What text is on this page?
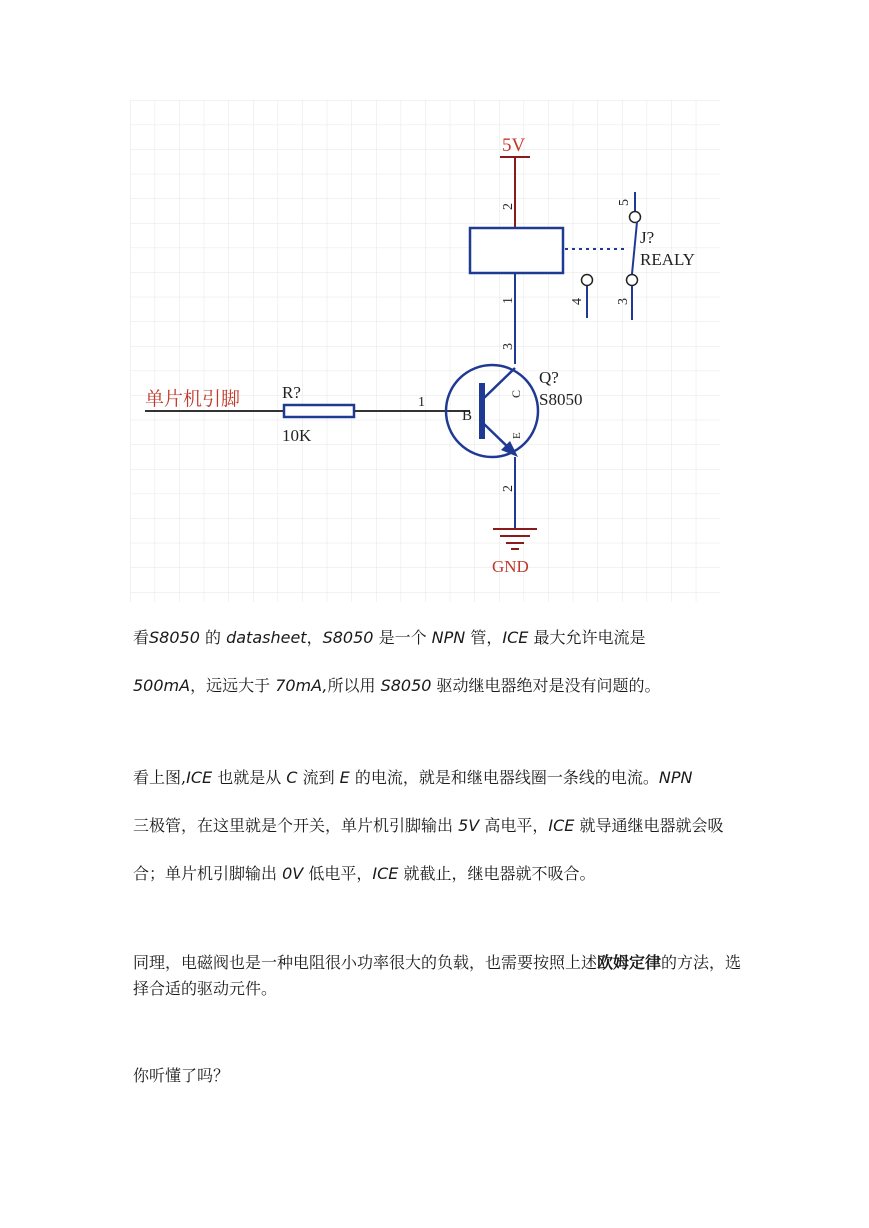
5V
2
1
5
3
4
J?
REALY
3
单片机引脚 R?
10K
1
B
C
E
Q?
S8050
2
GND

看S8050 的 datasheet，S8050 是一个 NPN 管，ICE 最大允许电流是
500mA，远远大于 70mA,所以用 S8050 驱动继电器绝对是没有问题的。

看上图,ICE 也就是从 C 流到 E 的电流，就是和继电器线圈一条线的电流。NPN
三极管，在这里就是个开关，单片机引脚输出 5V 高电平，ICE 就导通继电器就会吸合；单片机引脚输出 0V 低电平，ICE 就截止，继电器就不吸合。

同理，电磁阀也是一种电阻很小功率很大的负载，也需要按照上述欧姆定律的方法，选择合适的驱动元件。

你听懂了吗？
